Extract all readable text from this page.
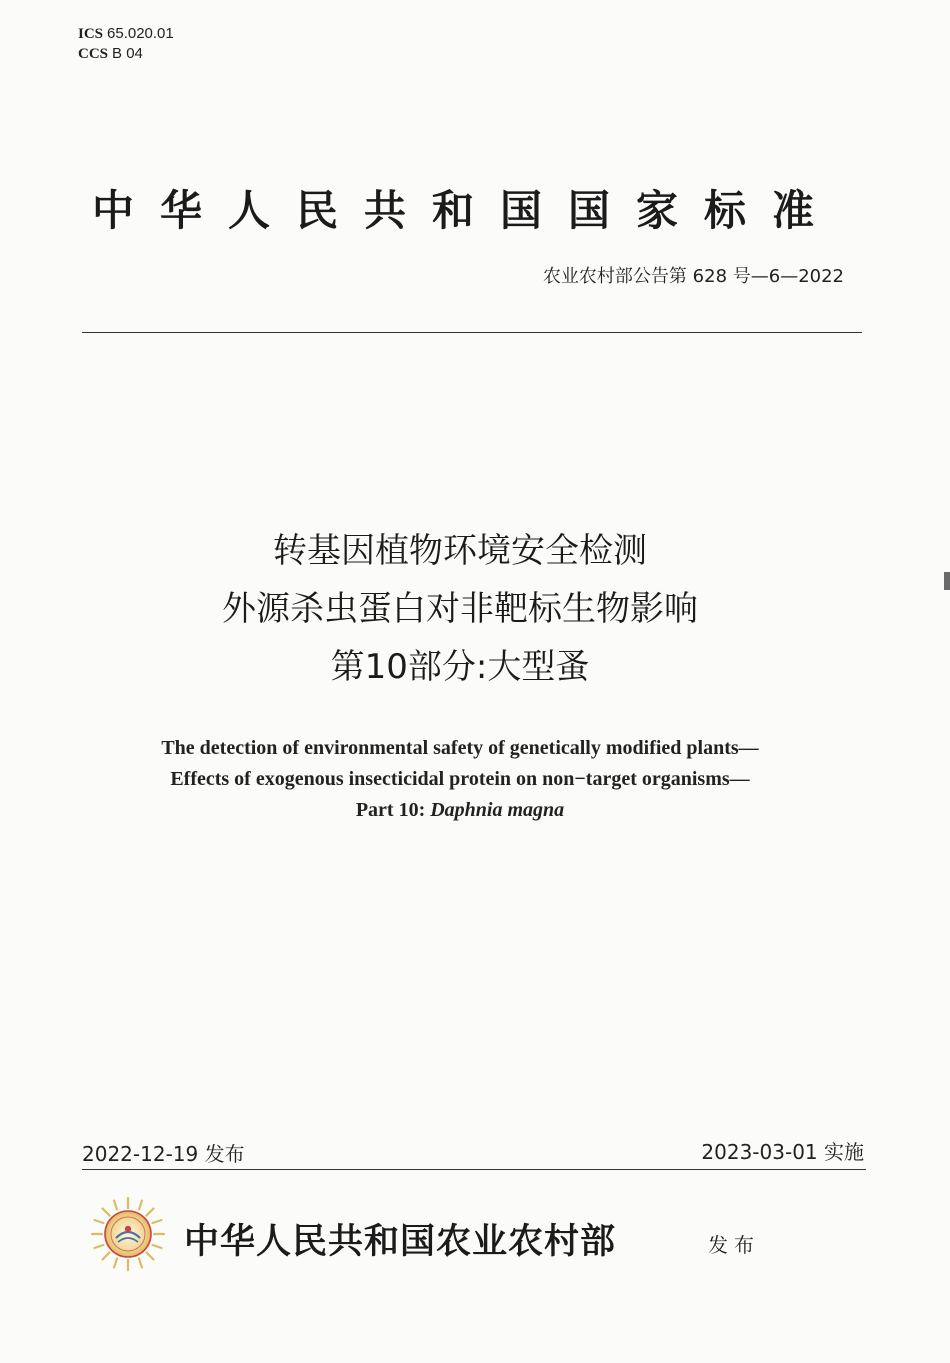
ICS 65.020.01
CCS B 04
中华人民共和国国家标准
农业农村部公告第 628 号—6—2022
转基因植物环境安全检测
外源杀虫蛋白对非靶标生物影响
第10部分:大型蚤
The detection of environmental safety of genetically modified plants—
Effects of exogenous insecticidal protein on non−target organisms—
Part 10: Daphnia magna
2022-12-19 发布	2023-03-01 实施
中华人民共和国农业农村部	发布
